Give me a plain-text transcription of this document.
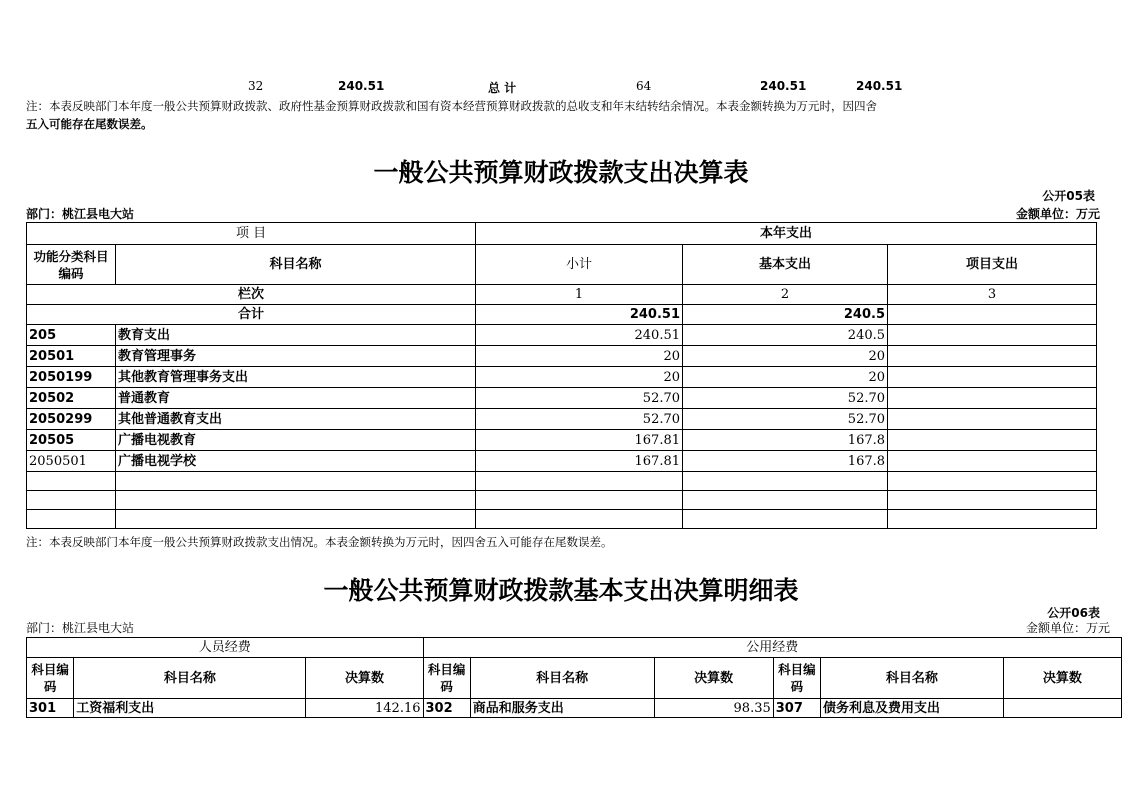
32	240.51	总 计	64	240.51	240.51
注：本表反映部门本年度一般公共预算财政拨款、政府性基金预算财政拨款和国有资本经营预算财政拨款的总收支和年末结转结余情况。本表金额转换为万元时，因四舍
五入可能存在尾数误差。
一般公共预算财政拨款支出决算表
公开05表
部门：桃江县电大站	金额单位：万元
项 目		本年支出		
功能分类科目编码	科目名称	小计	基本支出	项目支出
栏次		1	2	3
合计		240.51	240.5	
205	教育支出	240.51	240.5	
20501	教育管理事务	20	20	
2050199	其他教育管理事务支出	20	20	
20502	普通教育	52.70	52.70	
2050299	其他普通教育支出	52.70	52.70	
20505	广播电视教育	167.81	167.8	
2050501	广播电视学校	167.81	167.8	

注：本表反映部门本年度一般公共预算财政拨款支出情况。本表金额转换为万元时，因四舍五入可能存在尾数误差。
一般公共预算财政拨款基本支出决算明细表
公开06表
部门：桃江县电大站	金额单位：万元
人员经费			公用经费					
科目编码	科目名称	决算数	科目编码	科目名称	决算数	科目编码	科目名称	决算数
301	工资福利支出	142.16	302	商品和服务支出	98.35	307	债务利息及费用支出	
